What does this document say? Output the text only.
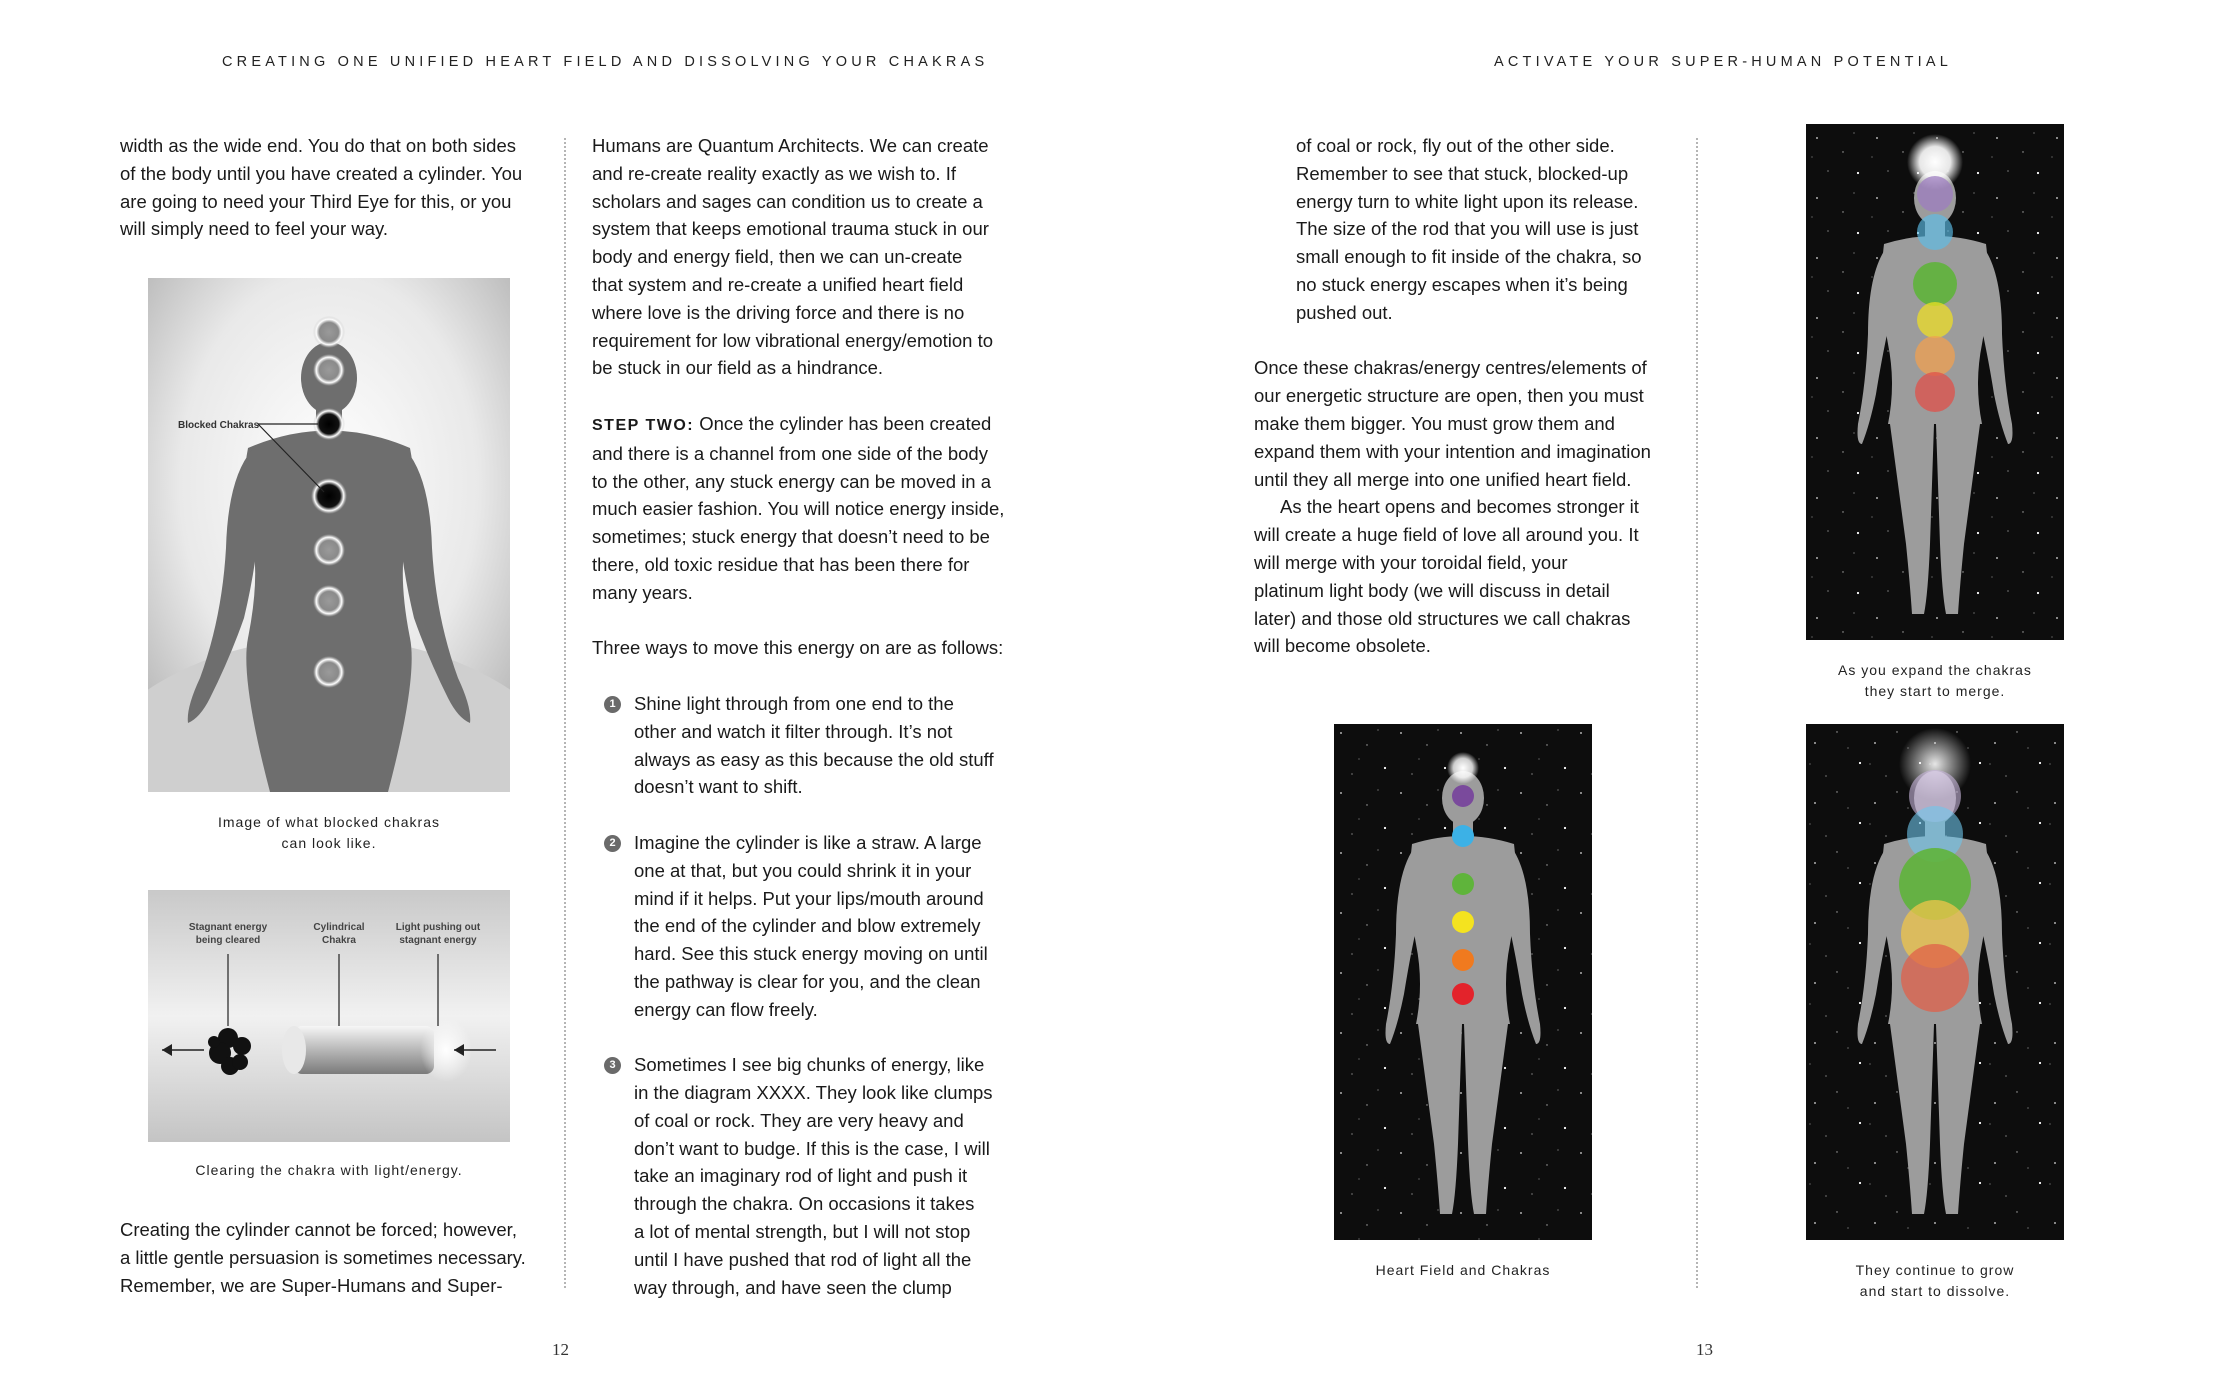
CREATING ONE UNIFIED HEART FIELD AND DISSOLVING YOUR CHAKRAS

width as the wide end. You do that on both sides

of the body until you have created a cylinder. You

are going to need your Third Eye for this, or you

will simply need to feel your way.

Blocked Chakras
Image of what blocked chakras
can look like.
Stagnant energy
being cleared
Cylindrical
Chakra
Light pushing out
stagnant energy
Clearing the chakra with light/energy.

Creating the cylinder cannot be forced; however,

a little gentle persuasion is sometimes necessary.

Remember, we are Super-Humans and Super-

Humans are Quantum Architects. We can create

and re-create reality exactly as we wish to. If

scholars and sages can condition us to create a

system that keeps emotional trauma stuck in our

body and energy field, then we can un-create

that system and re-create a unified heart field

where love is the driving force and there is no

requirement for low vibrational energy/emotion to

be stuck in our field as a hindrance.

STEP TWO: Once the cylinder has been created

and there is a channel from one side of the body

to the other, any stuck energy can be moved in a

much easier fashion. You will notice energy inside,

sometimes; stuck energy that doesn’t need to be

there, old toxic residue that has been there for

many years.

Three ways to move this energy on are as follows:

1 Shine light through from one end to the

other and watch it filter through. It’s not

always as easy as this because the old stuff

doesn’t want to shift.

2 Imagine the cylinder is like a straw. A large

one at that, but you could shrink it in your

mind if it helps. Put your lips/mouth around

the end of the cylinder and blow extremely

hard. See this stuck energy moving on until

the pathway is clear for you, and the clean

energy can flow freely.

3 Sometimes I see big chunks of energy, like

in the diagram XXXX. They look like clumps

of coal or rock. They are very heavy and

don’t want to budge. If this is the case, I will

take an imaginary rod of light and push it

through the chakra. On occasions it takes

a lot of mental strength, but I will not stop

until I have pushed that rod of light all the

way through, and have seen the clump

12
ACTIVATE YOUR SUPER-HUMAN POTENTIAL

of coal or rock, fly out of the other side.

Remember to see that stuck, blocked-up

energy turn to white light upon its release.

The size of the rod that you will use is just

small enough to fit inside of the chakra, so

no stuck energy escapes when it’s being

pushed out.

Once these chakras/energy centres/elements of

our energetic structure are open, then you must

make them bigger. You must grow them and

expand them with your intention and imagination

until they all merge into one unified heart field.

As the heart opens and becomes stronger it

will create a huge field of love all around you. It

will merge with your toroidal field, your

platinum light body (we will discuss in detail

later) and those old structures we call chakras

will become obsolete.

Heart Field and Chakras
As you expand the chakras
they start to merge.
They continue to grow
and start to dissolve.
13
